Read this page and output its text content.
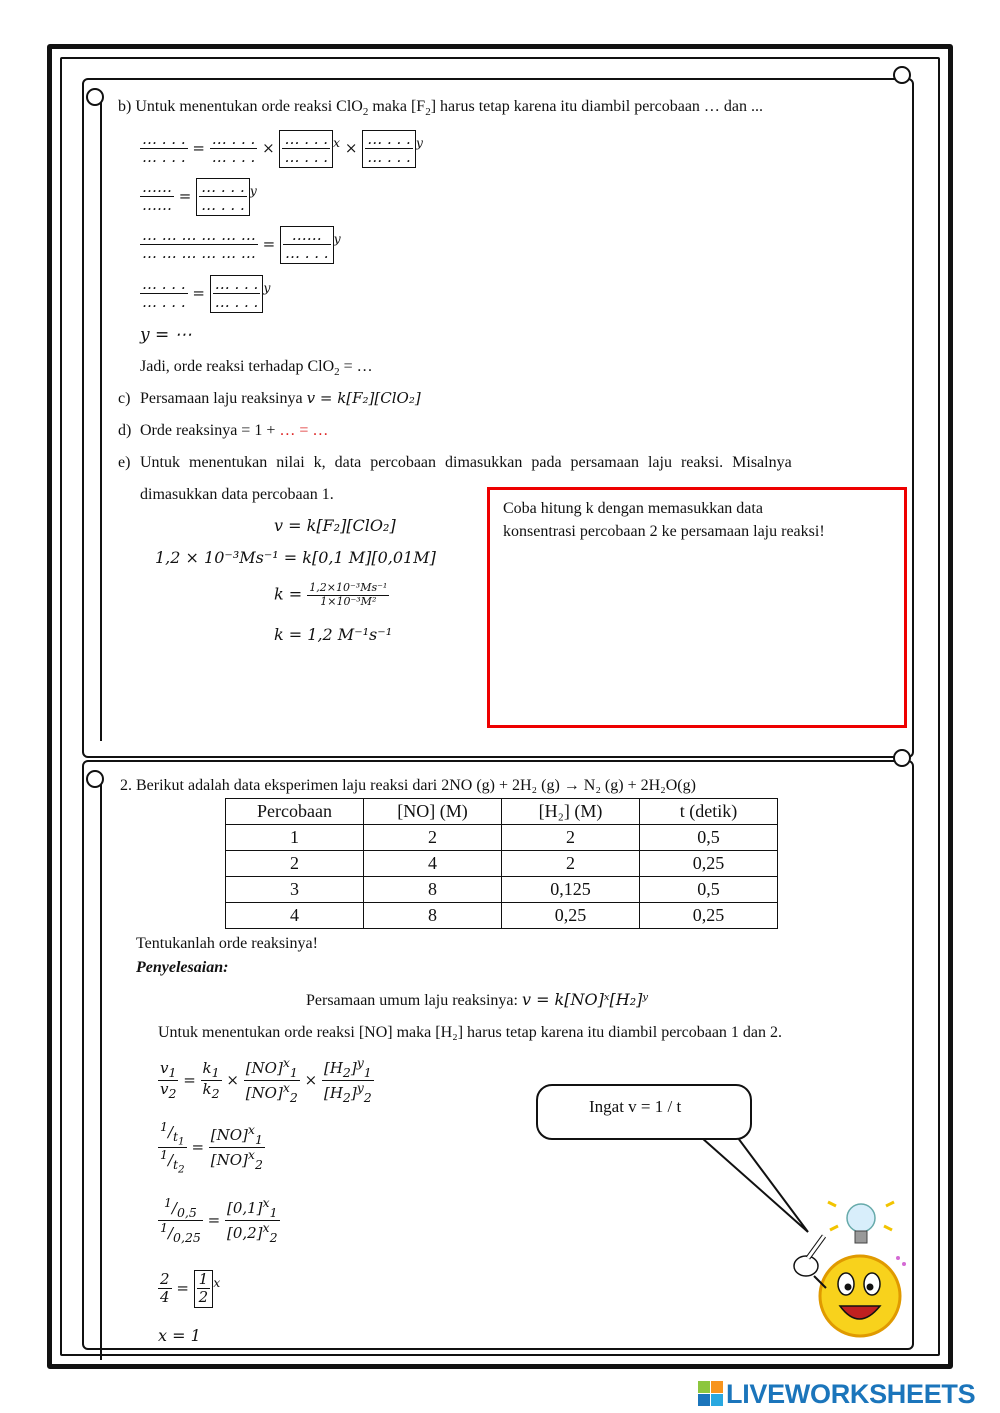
b) Untuk menentukan orde reaksi ClO$_2$ maka $[F_2]$ harus tetap karena itu diambil percobaan … dan ...
$\frac{\dots . . .}{\dots . . .} = \frac{\dots . . .}{\dots . . .} \times \frac{\dots . . .}{\dots . . .} ^x \times \frac{\dots . . .}{\dots . . .} ^y$
$\frac{\dots\dots}{\dots\dots} = \frac{\dots . . .}{\dots . . .} ^y$
$\frac{\dots \dots \dots \dots \dots \dots}{\dots \dots \dots \dots \dots \dots} = \frac{\dots\dots}{\dots . . .} ^y$
$\frac{\dots . . .}{\dots . . .} = \frac{\dots . . .}{\dots . . .} ^y$
y = ⋯
Jadi, orde reaksi terhadap ClO$_2$ = …
c) Persamaan laju reaksinya v = k[F₂][ClO₂]
d) Orde reaksinya = 1 + … = …
e) Untuk menentukan nilai k, data percobaan dimasukkan pada persamaan laju reaksi. Misalnya
dimasukkan data percobaan 1.
v = k[F₂][ClO₂]
1,2 × 10⁻³Ms⁻¹ = k[0,1 M][0,01M]
$k = \frac{\text{1,2×10⁻³Ms⁻¹}}{\text{1×10⁻³M²}}$
k = 1,2 M⁻¹s⁻¹
Coba hitung k dengan memasukkan data
konsentrasi percobaan 2 ke persamaan laju reaksi!
2. Berikut adalah data eksperimen laju reaksi dari 2NO (g) + 2H₂ (g) → N₂ (g) + 2H₂O(g)
Percobaan	[NO] (M)	[H₂] (M)	t (detik)
1	2	2	0,5
2	4	2	0,25
3	8	0,125	0,5
4	8	0,25	0,25
Tentukanlah orde reaksinya!
Penyelesaian:
Persamaan umum laju reaksinya: v = k[NO]ˣ[H₂]ʸ
Untuk menentukan orde reaksi [NO] maka [H₂] harus tetap karena itu diambil percobaan 1 dan 2.
$\frac{v_1}{v_2} = \frac{k_1}{k_2} \times \frac{[NO]^x_1}{[NO]^x_2} \times \frac{[H_2]^y_1}{[H_2]^y_2}$
$\frac{^1/_{t_1}}{^1/_{t_2}} = \frac{[NO]^x_1}{[NO]^x_2}$
$\frac{^1/_{0,5}}{^1/_{0,25}} = \frac{[0,1]^x_1}{[0,2]^x_2}$
$\frac{2}{4} = \frac{1}{2} ^x$
x = 1
Ingat v = 1 / t
LIVEWORKSHEETS
